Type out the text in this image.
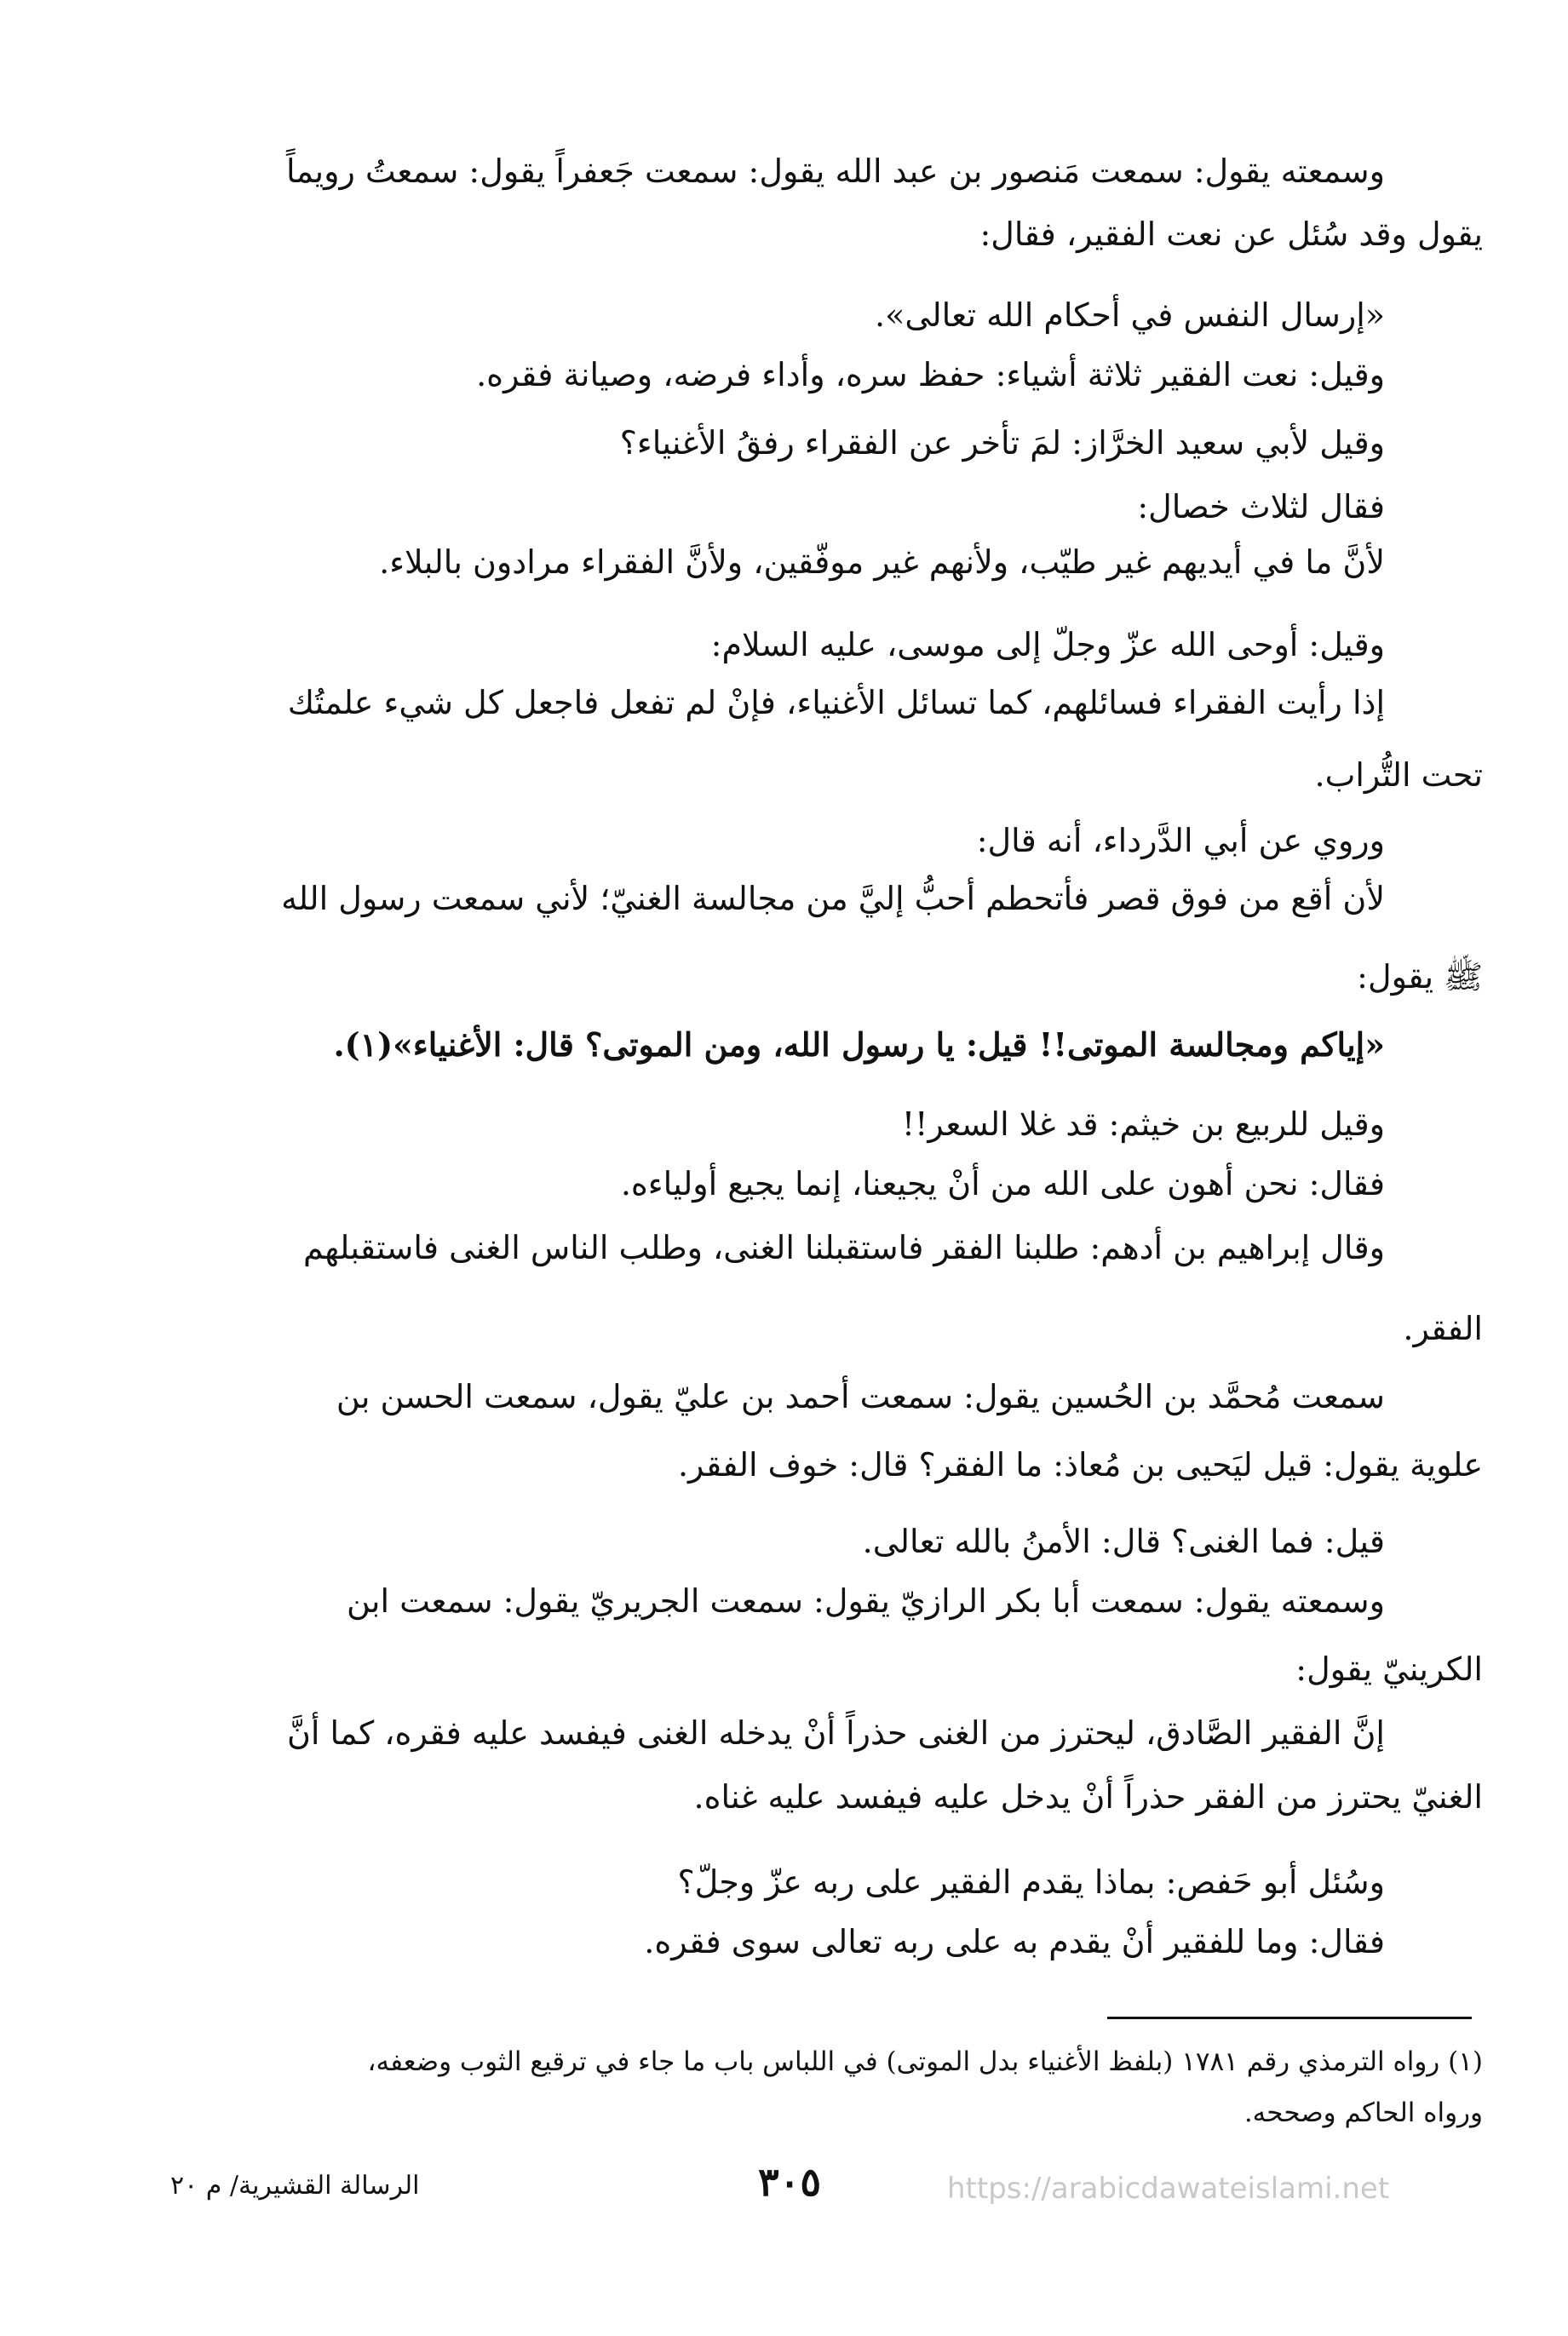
وسمعته يقول: سمعت مَنصور بن عبد الله يقول: سمعت جَعفراً يقول: سمعتُ رويماً
يقول وقد سُئل عن نعت الفقير، فقال:
«إرسال النفس في أحكام الله تعالى».
وقيل: نعت الفقير ثلاثة أشياء: حفظ سره، وأداء فرضه، وصيانة فقره.
وقيل لأبي سعيد الخرَّاز: لمَ تأخر عن الفقراء رفقُ الأغنياء؟
فقال لثلاث خصال:
لأنَّ ما في أيديهم غير طيّب، ولأنهم غير موفّقين، ولأنَّ الفقراء مرادون بالبلاء.
وقيل: أوحى الله عزّ وجلّ إلى موسى، عليه السلام:
إذا رأيت الفقراء فسائلهم، كما تسائل الأغنياء، فإنْ لم تفعل فاجعل كل شيء علمتُك
تحت التُّراب.
وروي عن أبي الدَّرداء، أنه قال:
لأن أقع من فوق قصر فأتحطم أحبُّ إليَّ من مجالسة الغنيّ؛ لأني سمعت رسول الله
ﷺ يقول:
«إياكم ومجالسة الموتى!! قيل: يا رسول الله، ومن الموتى؟ قال: الأغنياء»(١).
وقيل للربيع بن خيثم: قد غلا السعر!!
فقال: نحن أهون على الله من أنْ يجيعنا، إنما يجيع أولياءه.
وقال إبراهيم بن أدهم: طلبنا الفقر فاستقبلنا الغنى، وطلب الناس الغنى فاستقبلهم
الفقر.
سمعت مُحمَّد بن الحُسين يقول: سمعت أحمد بن عليّ يقول، سمعت الحسن بن
علوية يقول: قيل ليَحيى بن مُعاذ: ما الفقر؟ قال: خوف الفقر.
قيل: فما الغنى؟ قال: الأمنُ بالله تعالى.
وسمعته يقول: سمعت أبا بكر الرازيّ يقول: سمعت الجريريّ يقول: سمعت ابن
الكرينيّ يقول:
إنَّ الفقير الصَّادق، ليحترز من الغنى حذراً أنْ يدخله الغنى فيفسد عليه فقره، كما أنَّ
الغنيّ يحترز من الفقر حذراً أنْ يدخل عليه فيفسد عليه غناه.
وسُئل أبو حَفص: بماذا يقدم الفقير على ربه عزّ وجلّ؟
فقال: وما للفقير أنْ يقدم به على ربه تعالى سوى فقره.
(١) رواه الترمذي رقم ١٧٨١ (بلفظ الأغنياء بدل الموتى) في اللباس باب ما جاء في ترقيع الثوب وضعفه،
ورواه الحاكم وصححه.
٣٠٥
الرسالة القشيرية/ م ٢٠	https://arabicdawateislami.net
